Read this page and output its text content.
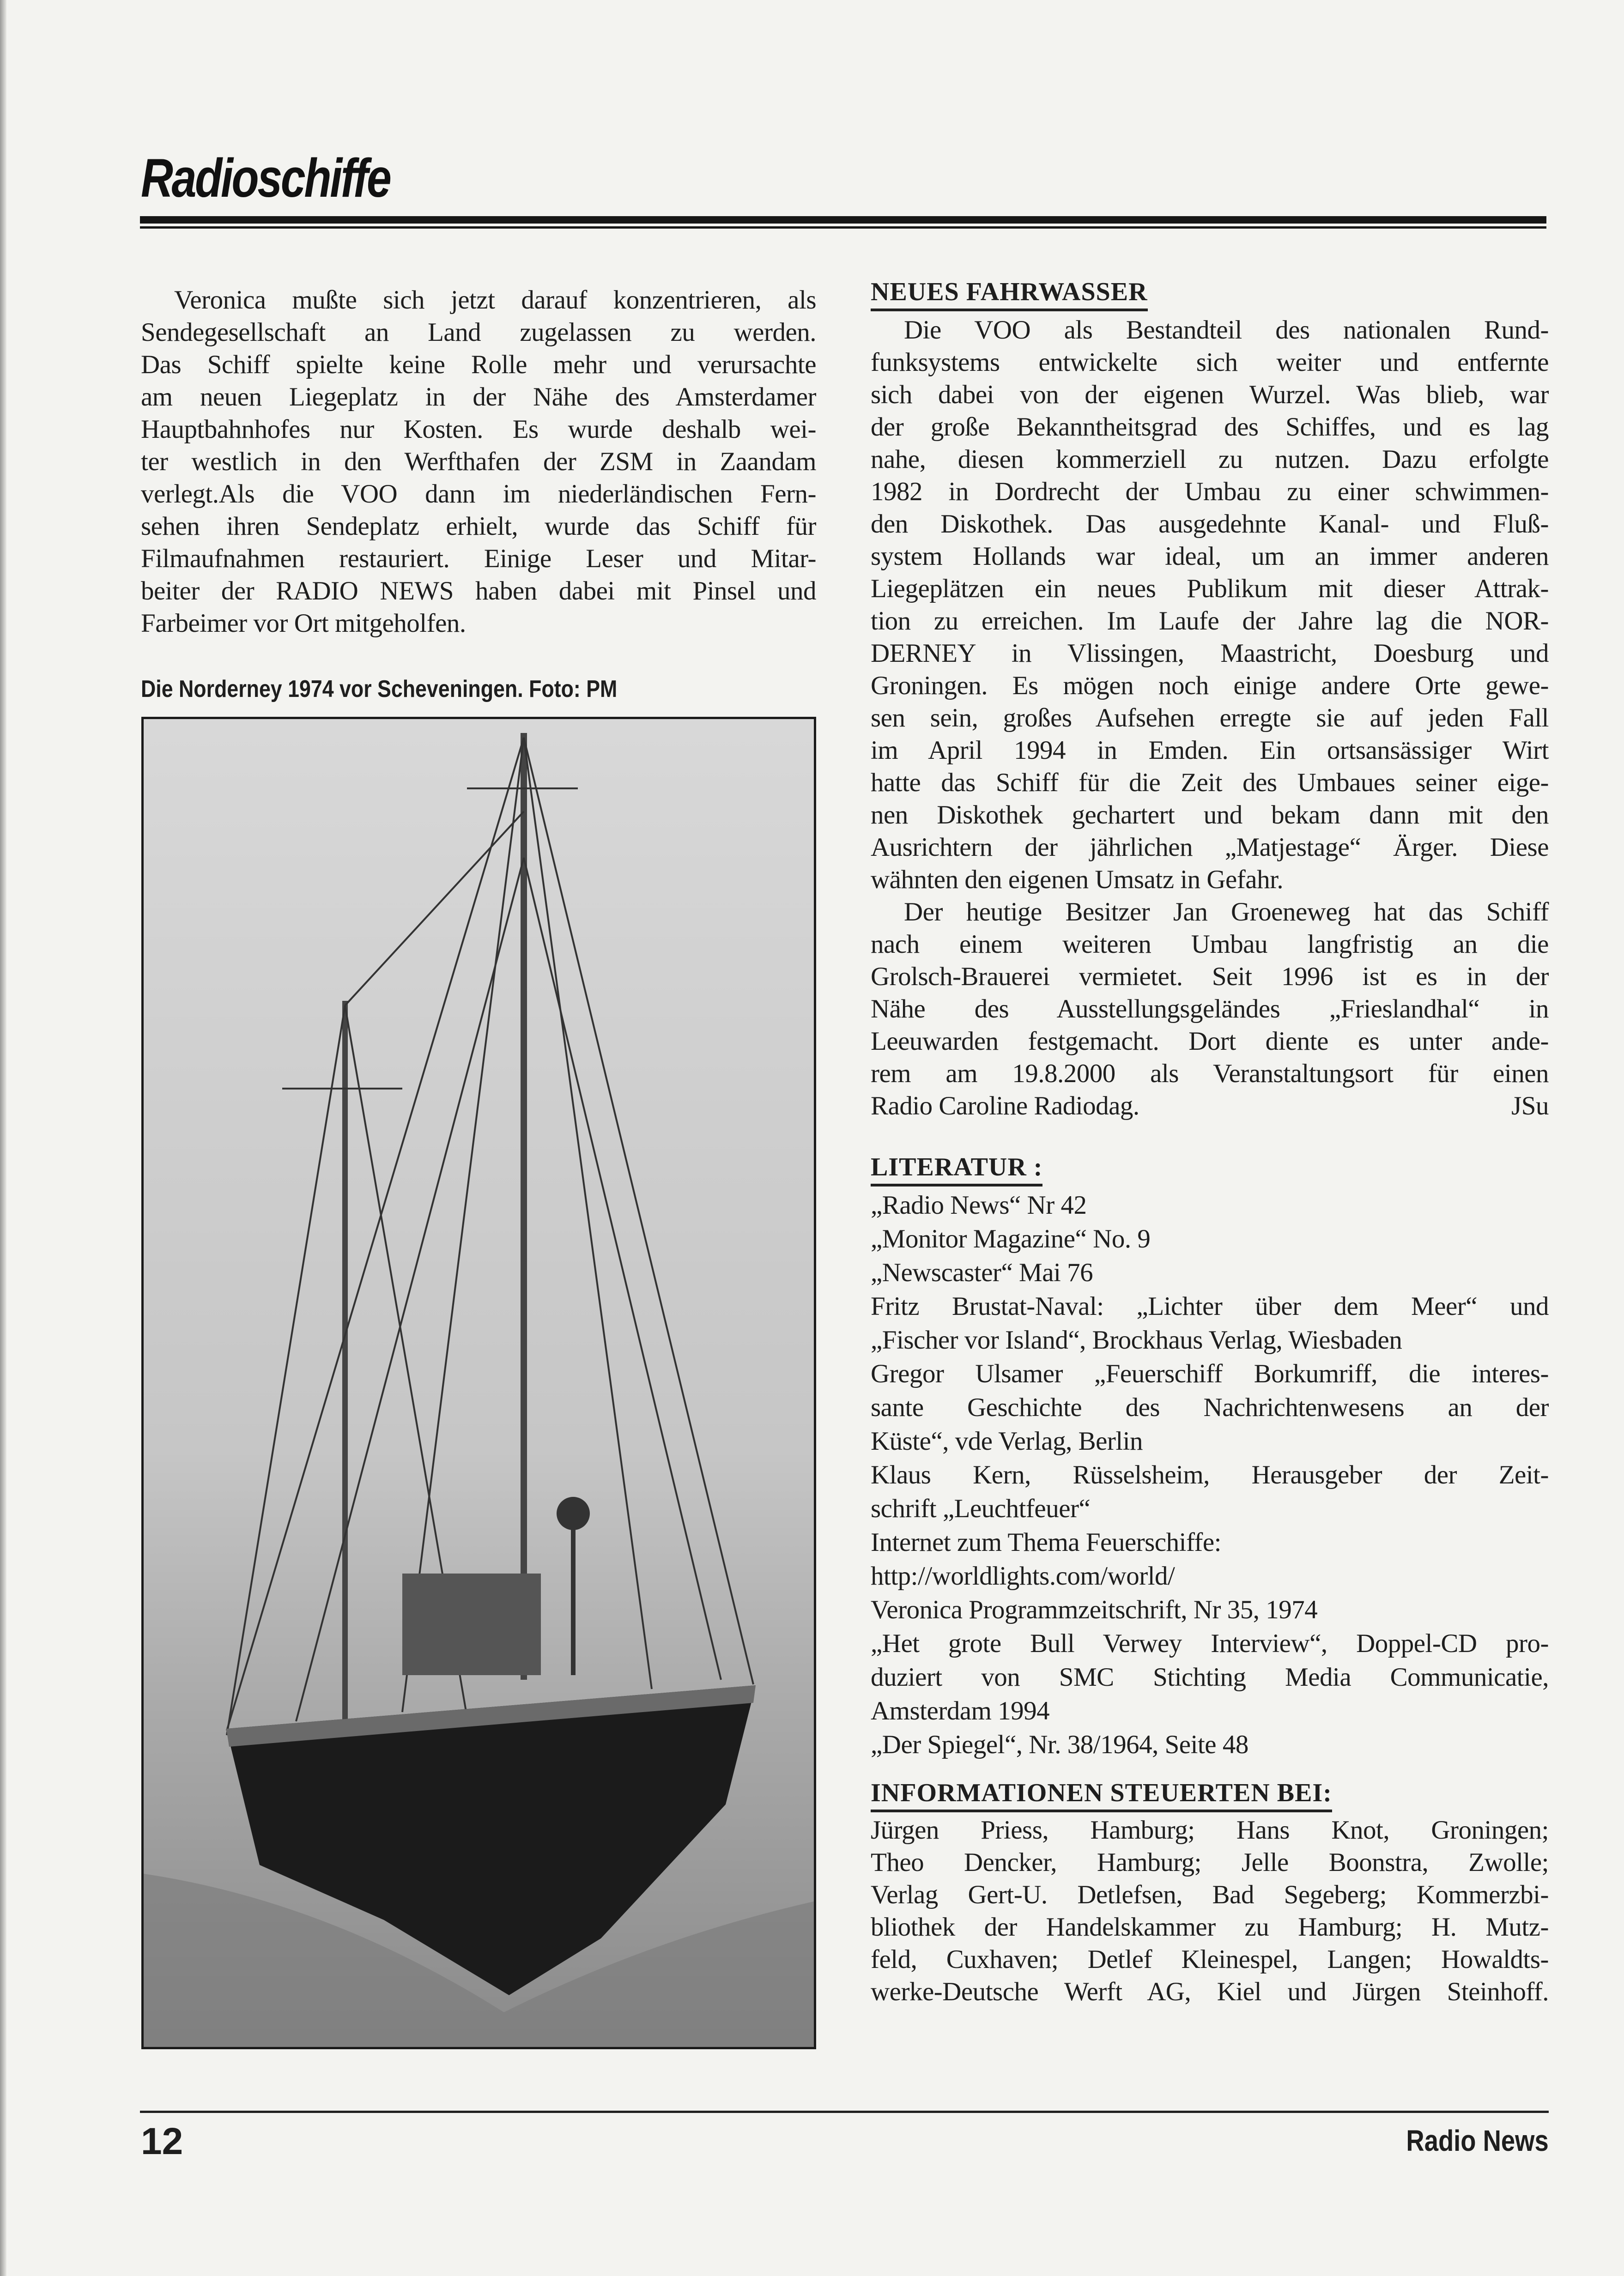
Radioschiffe
Veronica mußte sich jetzt darauf konzentrieren, als
Sendegesellschaft an Land zugelassen zu werden.
Das Schiff spielte keine Rolle mehr und verursachte
am neuen Liegeplatz in der Nähe des Amsterdamer
Hauptbahnhofes nur Kosten. Es wurde deshalb wei-
ter westlich in den Werfthafen der ZSM in Zaandam
verlegt.Als die VOO dann im niederländischen Fern-
sehen ihren Sendeplatz erhielt, wurde das Schiff für
Filmaufnahmen restauriert. Einige Leser und Mitar-
beiter der RADIO NEWS haben dabei mit Pinsel und
Farbeimer vor Ort mitgeholfen.
Die Norderney 1974 vor Scheveningen. Foto: PM
NEUES FAHRWASSER
Die VOO als Bestandteil des nationalen Rund-
funksystems entwickelte sich weiter und entfernte
sich dabei von der eigenen Wurzel. Was blieb, war
der große Bekanntheitsgrad des Schiffes, und es lag
nahe, diesen kommerziell zu nutzen. Dazu erfolgte
1982 in Dordrecht der Umbau zu einer schwimmen-
den Diskothek. Das ausgedehnte Kanal- und Fluß-
system Hollands war ideal, um an immer anderen
Liegeplätzen ein neues Publikum mit dieser Attrak-
tion zu erreichen. Im Laufe der Jahre lag die NOR-
DERNEY in Vlissingen, Maastricht, Doesburg und
Groningen. Es mögen noch einige andere Orte gewe-
sen sein, großes Aufsehen erregte sie auf jeden Fall
im April 1994 in Emden. Ein ortsansässiger Wirt
hatte das Schiff für die Zeit des Umbaues seiner eige-
nen Diskothek gechartert und bekam dann mit den
Ausrichtern der jährlichen „Matjestage“ Ärger. Diese
wähnten den eigenen Umsatz in Gefahr.
Der heutige Besitzer Jan Groeneweg hat das Schiff
nach einem weiteren Umbau langfristig an die
Grolsch-Brauerei vermietet. Seit 1996 ist es in der
Nähe des Ausstellungsgeländes „Frieslandhal“ in
Leeuwarden festgemacht. Dort diente es unter ande-
rem am 19.8.2000 als Veranstaltungsort für einen
Radio Caroline Radiodag.	JSu
LITERATUR :
„Radio News“ Nr 42
„Monitor Magazine“ No. 9
„Newscaster“ Mai 76
Fritz Brustat-Naval: „Lichter über dem Meer“ und
„Fischer vor Island“, Brockhaus Verlag, Wiesbaden
Gregor Ulsamer „Feuerschiff Borkumriff, die interes-
sante Geschichte des Nachrichtenwesens an der
Küste“, vde Verlag, Berlin
Klaus Kern, Rüsselsheim, Herausgeber der Zeit-
schrift „Leuchtfeuer“
Internet zum Thema Feuerschiffe:
http://worldlights.com/world/
Veronica Programmzeitschrift, Nr 35, 1974
„Het grote Bull Verwey Interview“, Doppel-CD pro-
duziert von SMC Stichting Media Communicatie,
Amsterdam 1994
„Der Spiegel“, Nr. 38/1964, Seite 48
INFORMATIONEN STEUERTEN BEI:
Jürgen Priess, Hamburg; Hans Knot, Groningen;
Theo Dencker, Hamburg; Jelle Boonstra, Zwolle;
Verlag Gert-U. Detlefsen, Bad Segeberg; Kommerzbi-
bliothek der Handelskammer zu Hamburg; H. Mutz-
feld, Cuxhaven; Detlef Kleinespel, Langen; Howaldts-
werke-Deutsche Werft AG, Kiel und Jürgen Steinhoff.
12	Radio News
